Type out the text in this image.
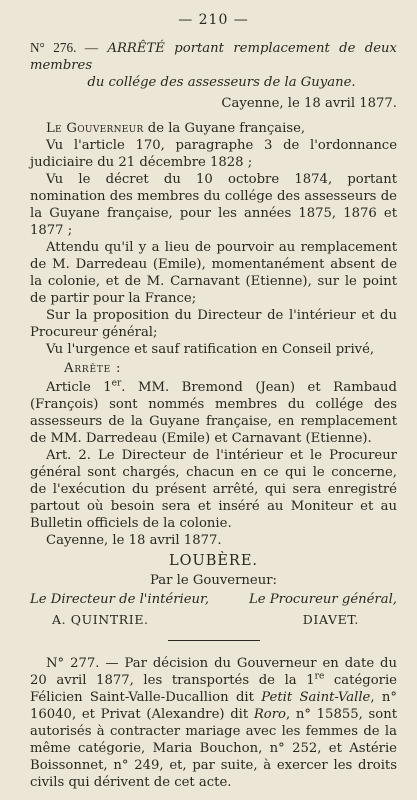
— 210 —

N° 276. — ARRÊTÉ portant remplacement de deux membres

du collége des assesseurs de la Guyane.

Cayenne, le 18 avril 1877.

Le Gouverneur de la Guyane française,

Vu l'article 170, paragraphe 3 de l'ordonnance judiciaire du 21 décembre 1828 ;

Vu le décret du 10 octobre 1874, portant nomination des membres du collége des assesseurs de la Guyane française, pour les années 1875, 1876 et 1877 ;

Attendu qu'il y a lieu de pourvoir au remplacement de M. Darredeau (Emile), momentanément absent de la colonie, et de M. Carnavant (Etienne), sur le point de partir pour la France;

Sur la proposition du Directeur de l'intérieur et du Procureur général;

Vu l'urgence et sauf ratification en Conseil privé,

Arrête :

Article 1er. MM. Bremond (Jean) et Rambaud (François) sont nommés membres du collége des assesseurs de la Guyane française, en remplacement de MM. Darredeau (Emile) et Carnavant (Etienne).

Art. 2. Le Directeur de l'intérieur et le Procureur général sont chargés, chacun en ce qui le concerne, de l'exécution du présent arrêté, qui sera enregistré partout où besoin sera et inséré au Moniteur et au Bulletin officiels de la colonie.

Cayenne, le 18 avril 1877.

LOUBÈRE.
Par le Gouverneur:
Le Directeur de l'intérieur,	Le Procureur général,
A. QUINTRIE.	DIAVET.

N° 277. — Par décision du Gouverneur en date du 20 avril 1877, les transportés de la 1re catégorie Félicien Saint-Valle-Ducallion dit Petit Saint-Valle, n° 16040, et Privat (Alexandre) dit Roro, n° 15855, sont autorisés à contracter mariage avec les femmes de la même catégorie, Maria Bouchon, n° 252, et Astérie Boissonnet, n° 249, et, par suite, à exercer les droits civils qui dérivent de cet acte.
